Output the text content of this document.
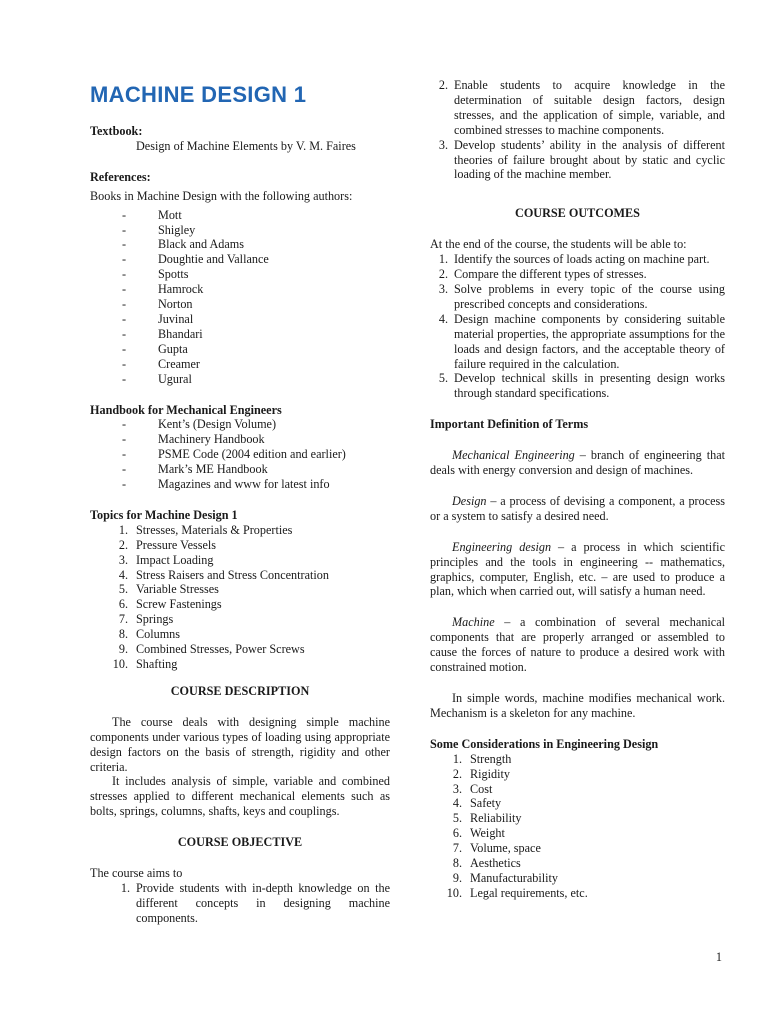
MACHINE DESIGN 1

Textbook:

Design of Machine Elements by V. M. Faires

References:

Books in Machine Design with the following authors:

- Mott
- Shigley
- Black and Adams
- Doughtie and Vallance
- Spotts
- Hamrock
- Norton
- Juvinal
- Bhandari
- Gupta
- Creamer
- Ugural

Handbook for Mechanical Engineers

- Kent’s (Design Volume)
- Machinery Handbook
- PSME Code (2004 edition and earlier)
- Mark’s ME Handbook
- Magazines and www for latest info

Topics for Machine Design 1

1. Stresses, Materials & Properties
2. Pressure Vessels
3. Impact Loading
4. Stress Raisers and Stress Concentration
5. Variable Stresses
6. Screw Fastenings
7. Springs
8. Columns
9. Combined Stresses, Power Screws
10. Shafting

COURSE DESCRIPTION

The course deals with designing simple machine components under various types of loading using appropriate design factors on the basis of strength, rigidity and other criteria.

It includes analysis of simple, variable and combined stresses applied to different mechanical elements such as bolts, springs, columns, shafts, keys and couplings.

COURSE OBJECTIVE

The course aims to

1. Provide students with in-depth knowledge on the different concepts in designing machine components.
2. Enable students to acquire knowledge in the determination of suitable design factors, design stresses, and the application of simple, variable, and combined stresses to machine components.
3. Develop students’ ability in the analysis of different theories of failure brought about by static and cyclic loading of the machine member.

COURSE OUTCOMES

At the end of the course, the students will be able to:

1. Identify the sources of loads acting on machine part.
2. Compare the different types of stresses.
3. Solve problems in every topic of the course using prescribed concepts and considerations.
4. Design machine components by considering suitable material properties, the appropriate assumptions for the loads and design factors, and the acceptable theory of failure required in the calculation.
5. Develop technical skills in presenting design works through standard specifications.

Important Definition of Terms

Mechanical Engineering – branch of engineering that deals with energy conversion and design of machines.

Design – a process of devising a component, a process or a system to satisfy a desired need.

Engineering design – a process in which scientific principles and the tools in engineering -- mathematics, graphics, computer, English, etc. – are used to produce a plan, which when carried out, will satisfy a human need.

Machine – a combination of several mechanical components that are properly arranged or assembled to cause the forces of nature to produce a desired work with constrained motion.

In simple words, machine modifies mechanical work. Mechanism is a skeleton for any machine.

Some Considerations in Engineering Design

1. Strength
2. Rigidity
3. Cost
4. Safety
5. Reliability
6. Weight
7. Volume, space
8. Aesthetics
9. Manufacturability
10. Legal requirements, etc.
1
